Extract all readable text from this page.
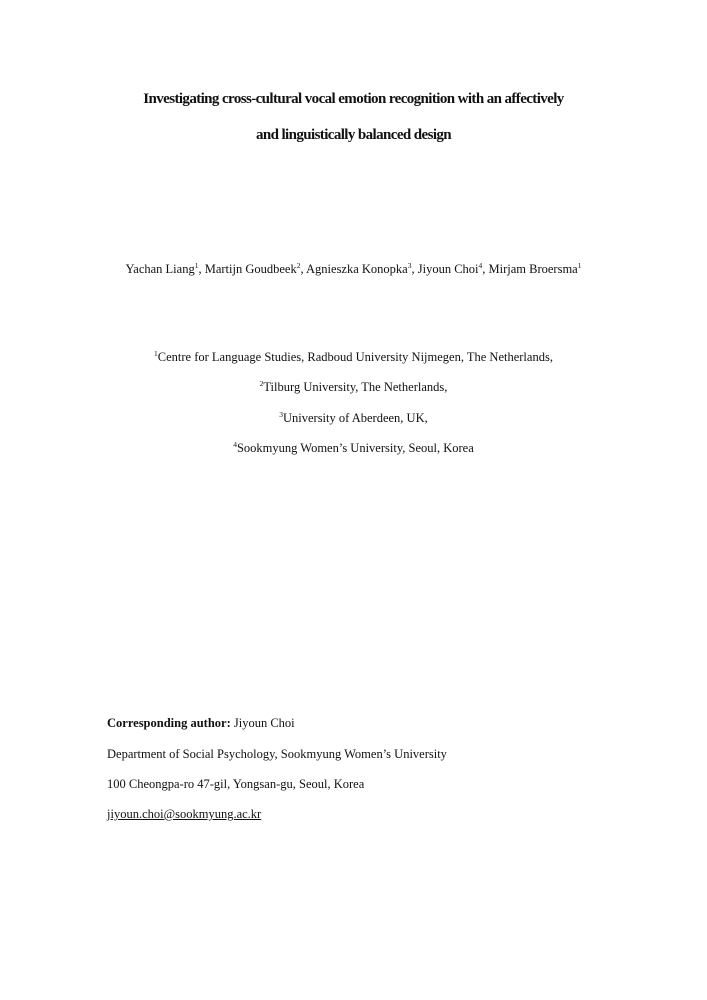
Investigating cross-cultural vocal emotion recognition with an affectively
and linguistically balanced design
Yachan Liang$^1$, Martijn Goudbeek$^2$, Agnieszka Konopka$^3$, Jiyoun Choi$^4$, Mirjam Broersma$^1$
$^1$Centre for Language Studies, Radboud University Nijmegen, The Netherlands,
$^2$Tilburg University, The Netherlands,
$^3$University of Aberdeen, UK,
$^4$Sookmyung Women’s University, Seoul, Korea
Corresponding author: Jiyoun Choi
Department of Social Psychology, Sookmyung Women’s University
100 Cheongpa-ro 47-gil, Yongsan-gu, Seoul, Korea
jiyoun.choi@sookmyung.ac.kr
